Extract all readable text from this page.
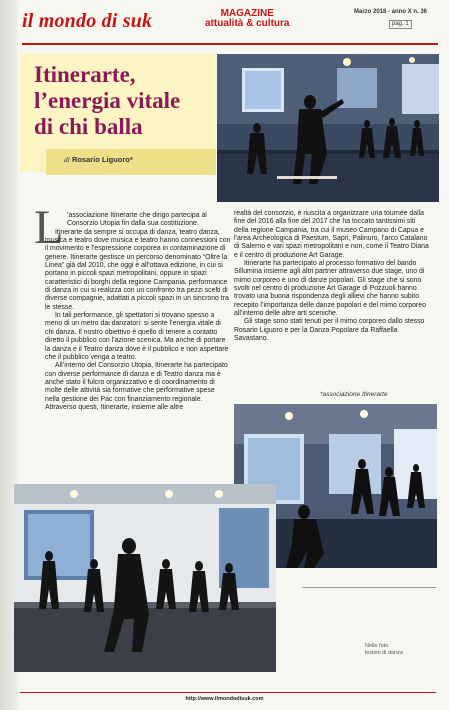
il mondo di suk	MAGAZINE
attualità & cultura
Marzo 2018 - anno X n. 36
pag. 1
Itinerarte,
l’energia vitale
di chi balla
di Rosario Liguoro*
L ’associazione Itinerarte che dirigo partecipa al Consorzio Utopia fin dalla sua costituzione.

Itinerarte da sempre si occupa di danza, teatro danza, musica e teatro dove musica e teatro hanno connessioni con il movimento e l’espressione corporea in contaminazione di genere. Itinerarte gestisce un percorso denominato “Oltre la Linea” già dal 2010, che oggi è all’ottava edizione, in cui si portano in piccoli spazi metropolitani, oppure in spazi caratteristici di borghi della regione Campania, performance di danza in cui si realizza con un confronto tra pezzi scelti di diverse compagnie, adattati a piccoli spazi in un sincrono tra le stesse.

In tali performance, gli spettatori si trovano spesso a meno di un metro dai danzatori: si sente l’energia vitale di chi danza. Il nostro obiettivo è quello di tenere a contatto diretto il pubblico con l’azione scenica. Ma anche di portare la danza e il Teatro danza dove è il pubblico e non aspettare che il pubblico venga a teatro.

All’interno del Consorzio Utopia, Itinerarte ha partecipato con diverse performance di danza e di Teatro danza ma è anche stato il fulcro organizzativo e di coordinamento di molte delle attività sia formative che performative spese nella gestione dei Pac con finanziamento regionale. Attraverso questi, Itinerarte, insieme alle altre

realtà del consorzio, è riuscita a organizzare una tournée dalla fine del 2016 alla fine del 2017 che ha toccato tantissimi siti della regione Campania, tra cui il museo Campano di Capua e l’area Archeologica di Paestum, Sapri, Palinuro, l’arco Catalano di Salerno e vari spazi metropolitani e non, come il Teatro Diana e il centro di produzione Art Garage.

Itinerarte ha partecipato al processo formativo del bando Sillumina insieme agli altri partner attraverso due stage, uno di mimo corporeo e uno di danze popolari. Gli stage che si sono svolti nel centro di produzione Art Garage di Pozzuoli hanno trovato una buona rispondenza degli allievi che hanno subito recepito l’importanza delle danze popolari e del mimo corporeo all’interno delle altre arti sceniche.

Gli stage sono stati tenuti per il mimo corporeo dallo stesso Rosario Liguoro e per la Danza Popolare da Raffaella Savastano.

*associazione Itinerarte
Nelle foto
lezioni di danza
http://www.ilmondodisuk.com
